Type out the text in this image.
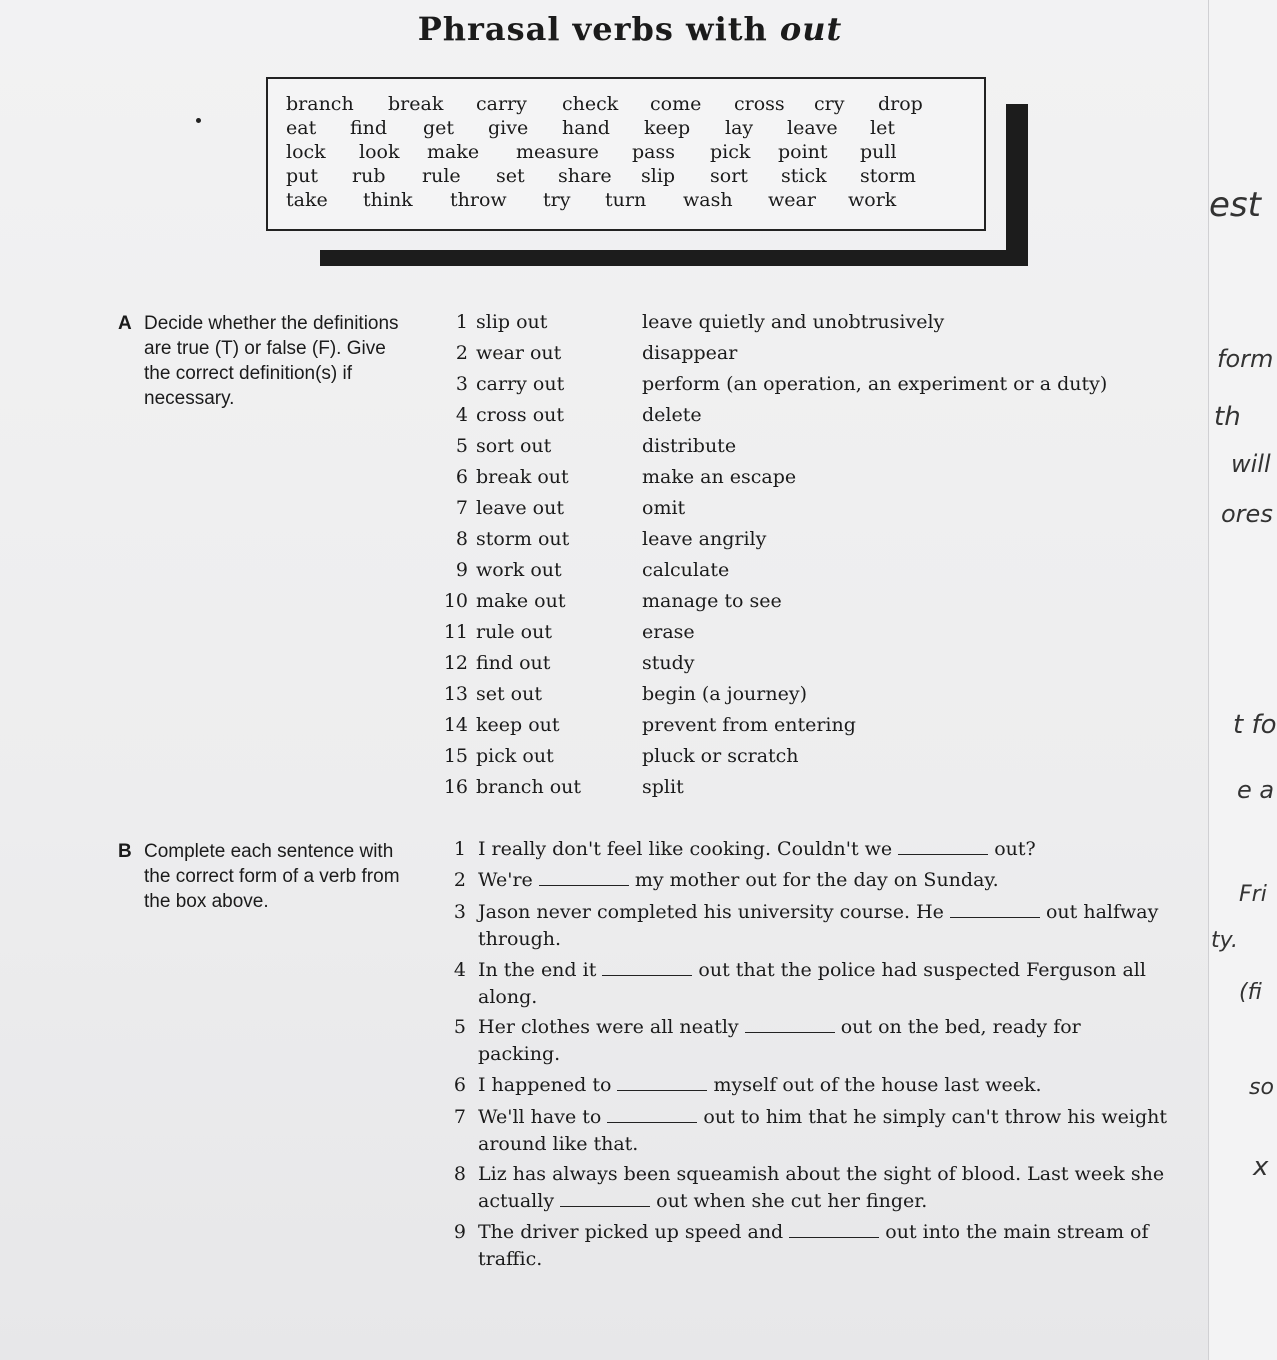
Phrasal verbs with out
branch break carry check come cross cry drop
eat find get give hand keep lay leave let
lock look make measure pass pick point pull
put rub rule set share slip sort stick storm
take think throw try turn wash wear work
A Decide whether the definitions are true (T) or false (F). Give the correct definition(s) if necessary.
1 slip out	leave quietly and unobtrusively
2 wear out	disappear
3 carry out	perform (an operation, an experiment or a duty)
4 cross out	delete
5 sort out	distribute
6 break out	make an escape
7 leave out	omit
8 storm out	leave angrily
9 work out	calculate
10 make out	manage to see
11 rule out	erase
12 find out	study
13 set out	begin (a journey)
14 keep out	prevent from entering
15 pick out	pluck or scratch
16 branch out	split
B Complete each sentence with the correct form of a verb from the box above.
1 I really don't feel like cooking. Couldn't we	out?
2 We're	my mother out for the day on Sunday.
3 Jason never completed his university course. He	out halfway through.
4 In the end it	out that the police had suspected Ferguson all along.
5 Her clothes were all neatly	out on the bed, ready for packing.
6 I happened to	myself out of the house last week.
7 We'll have to	out to him that he simply can't throw his weight around like that.
8 Liz has always been squeamish about the sight of blood. Last week she actually	out when she cut her finger.
9 The driver picked up speed and	out into the main stream of traffic.
est
form
th
will
ores
t fo
e a
Fri
ty.
(fi
so
x
